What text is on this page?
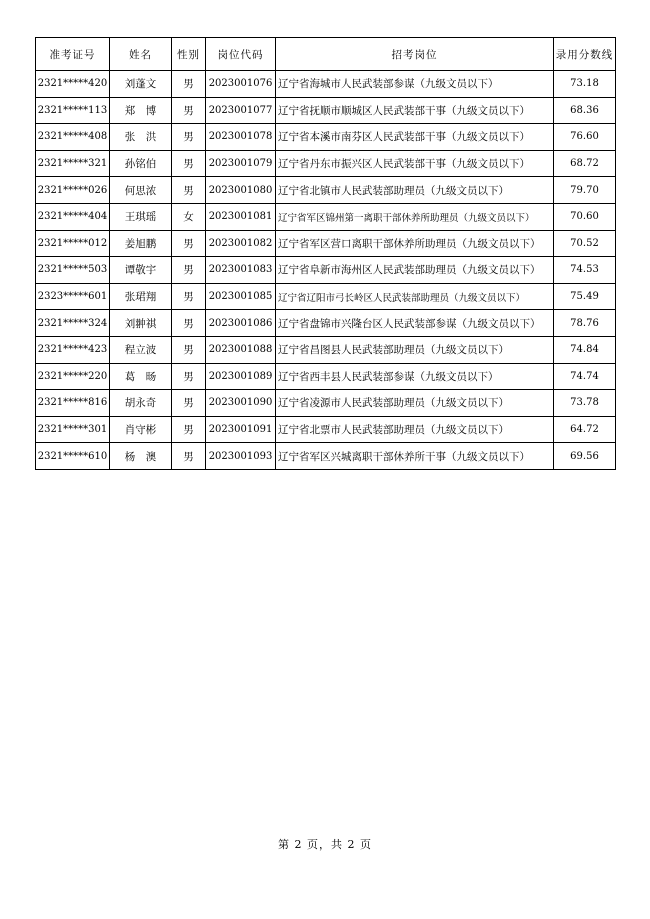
准考证号	姓名	性别	岗位代码	招考岗位	录用分数线
2321*****420	刘蓬文	男	2023001076	辽宁省海城市人民武装部参谋（九级文员以下）	73.18
2321*****113	郑　博	男	2023001077	辽宁省抚顺市顺城区人民武装部干事（九级文员以下）	68.36
2321*****408	张　洪	男	2023001078	辽宁省本溪市南芬区人民武装部干事（九级文员以下）	76.60
2321*****321	孙铭伯	男	2023001079	辽宁省丹东市振兴区人民武装部干事（九级文员以下）	68.72
2321*****026	何思浓	男	2023001080	辽宁省北镇市人民武装部助理员（九级文员以下）	79.70
2321*****404	王琪瑶	女	2023001081	辽宁省军区锦州第一离职干部休养所助理员（九级文员以下）	70.60
2321*****012	姜旭鹏	男	2023001082	辽宁省军区营口离职干部休养所助理员（九级文员以下）	70.52
2321*****503	谭敬宇	男	2023001083	辽宁省阜新市海州区人民武装部助理员（九级文员以下）	74.53
2323*****601	张珺翔	男	2023001085	辽宁省辽阳市弓长岭区人民武装部助理员（九级文员以下）	75.49
2321*****324	刘翀祺	男	2023001086	辽宁省盘锦市兴隆台区人民武装部参谋（九级文员以下）	78.76
2321*****423	程立波	男	2023001088	辽宁省昌图县人民武装部助理员（九级文员以下）	74.84
2321*****220	葛　旸	男	2023001089	辽宁省西丰县人民武装部参谋（九级文员以下）	74.74
2321*****816	胡永奇	男	2023001090	辽宁省凌源市人民武装部助理员（九级文员以下）	73.78
2321*****301	肖守彬	男	2023001091	辽宁省北票市人民武装部助理员（九级文员以下）	64.72
2321*****610	杨　澳	男	2023001093	辽宁省军区兴城离职干部休养所干事（九级文员以下）	69.56
第 2 页，共 2 页
